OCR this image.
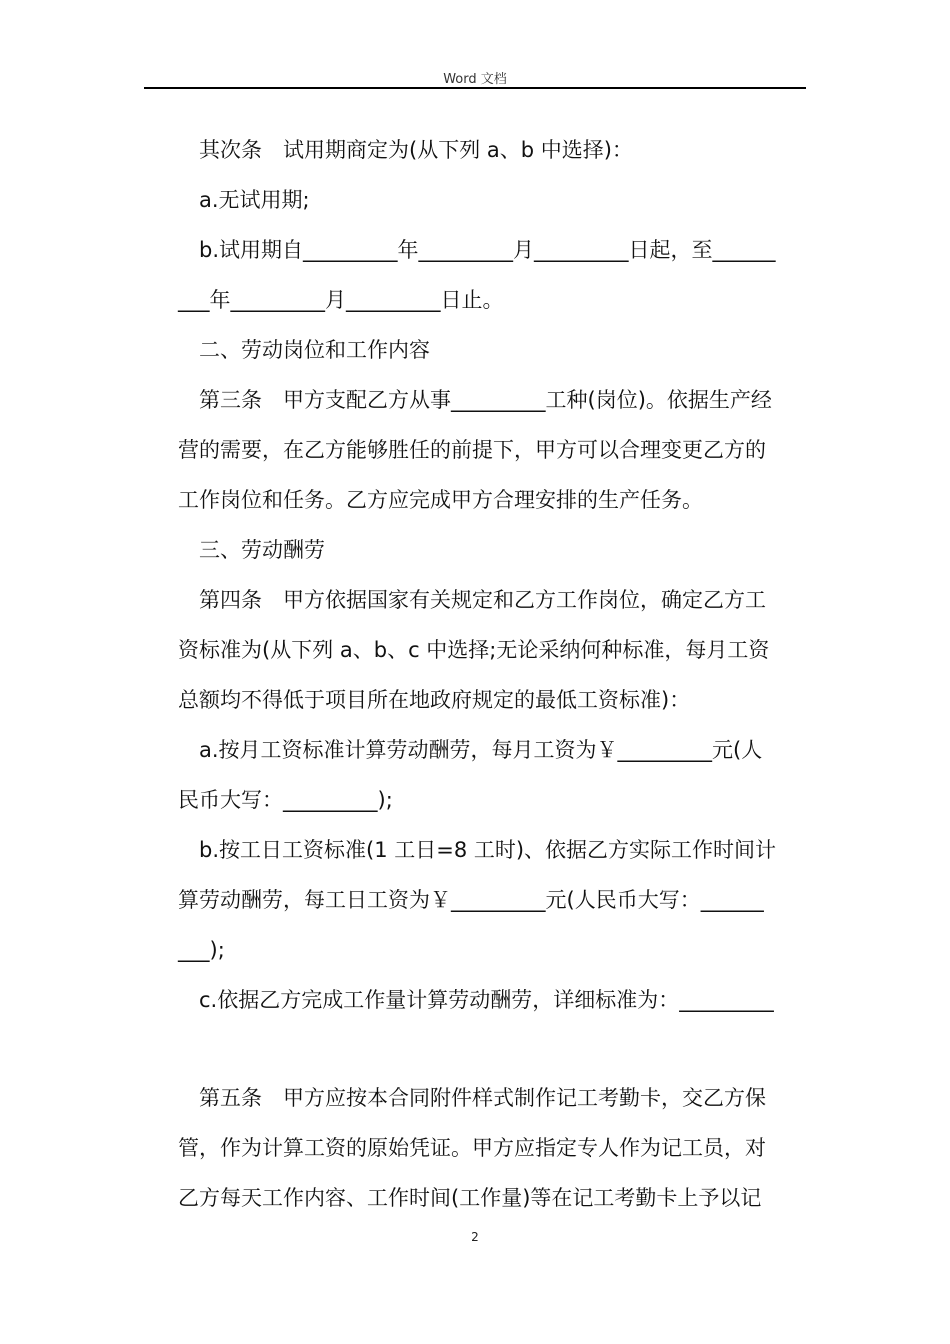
Word 文档
其次条　试用期商定为(从下列 a、b 中选择)：
a.无试用期;
b.试用期自_________年_________月_________日起，至______
___年_________月_________日止。
二、劳动岗位和工作内容
第三条　甲方支配乙方从事_________工种(岗位)。依据生产经
营的需要，在乙方能够胜任的前提下，甲方可以合理变更乙方的
工作岗位和任务。乙方应完成甲方合理安排的生产任务。
三、劳动酬劳
第四条　甲方依据国家有关规定和乙方工作岗位，确定乙方工
资标准为(从下列 a、b、c 中选择;无论采纳何种标准，每月工资
总额均不得低于项目所在地政府规定的最低工资标准)：
a.按月工资标准计算劳动酬劳，每月工资为￥_________元(人
民币大写：_________);
b.按工日工资标准(1 工日=8 工时)、依据乙方实际工作时间计
算劳动酬劳，每工日工资为￥_________元(人民币大写：______
___);
c.依据乙方完成工作量计算劳动酬劳，详细标准为：_________
第五条　甲方应按本合同附件样式制作记工考勤卡，交乙方保
管，作为计算工资的原始凭证。甲方应指定专人作为记工员，对
乙方每天工作内容、工作时间(工作量)等在记工考勤卡上予以记
2
